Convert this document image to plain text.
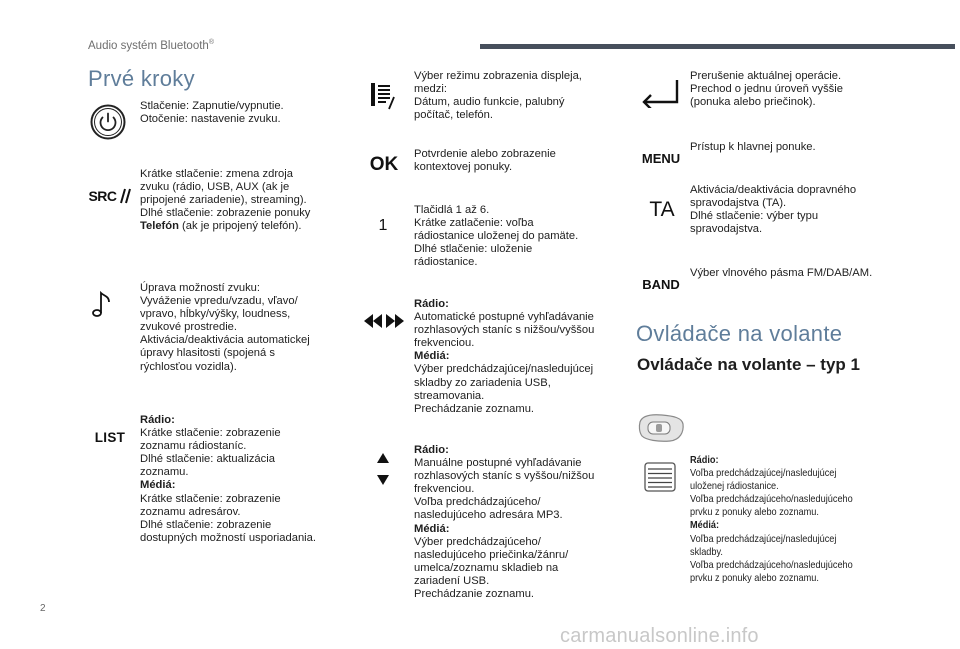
Audio systém Bluetooth®
Prvé kroky
Stlačenie: Zapnutie/vypnutie.
Otočenie: nastavenie zvuku.
SRC
Krátke stlačenie: zmena zdroja
zvuku (rádio, USB, AUX (ak je
pripojené zariadenie), streaming).
Dlhé stlačenie: zobrazenie ponuky
Telefón (ak je pripojený telefón).
Úprava možností zvuku:
Vyváženie vpredu/vzadu, vľavo/
vpravo, hĺbky/výšky, loudness,
zvukové prostredie.
Aktivácia/deaktivácia automatickej
úpravy hlasitosti (spojená s
rýchlosťou vozidla).
LIST
Rádio:
Krátke stlačenie: zobrazenie
zoznamu rádiostaníc.
Dlhé stlačenie: aktualizácia
zoznamu.
Médiá:
Krátke stlačenie: zobrazenie
zoznamu adresárov.
Dlhé stlačenie: zobrazenie
dostupných možností usporiadania.
Výber režimu zobrazenia displeja,
medzi:
Dátum, audio funkcie, palubný
počítač, telefón.
OK Potvrdenie alebo zobrazenie
kontextovej ponuky.
1
Tlačidlá 1 až 6.
Krátke zatlačenie: voľba
rádiostanice uloženej do pamäte.
Dlhé stlačenie: uloženie
rádiostanice.
Rádio:
Automatické postupné vyhľadávanie
rozhlasových staníc s nižšou/vyššou
frekvenciou.
Médiá:
Výber predchádzajúcej/nasledujúcej
skladby zo zariadenia USB,
streamovania.
Prechádzanie zoznamu.
Rádio:
Manuálne postupné vyhľadávanie
rozhlasových staníc s vyššou/nižšou
frekvenciou.
Voľba predchádzajúceho/
nasledujúceho adresára MP3.
Médiá:
Výber predchádzajúceho/
nasledujúceho priečinka/žánru/
umelca/zoznamu skladieb na
zariadení USB.
Prechádzanie zoznamu.
Prerušenie aktuálnej operácie.
Prechod o jednu úroveň vyššie
(ponuka alebo priečinok).
MENU
Prístup k hlavnej ponuke.
TA
Aktivácia/deaktivácia dopravného
spravodajstva (TA).
Dlhé stlačenie: výber typu
spravodajstva.
BAND
Výber vlnového pásma FM/DAB/AM.
Ovládače na volante
Ovládače na volante – typ 1
Rádio:
Voľba predchádzajúcej/nasledujúcej
uloženej rádiostanice.
Voľba predchádzajúceho/nasledujúceho
prvku z ponuky alebo zoznamu.
Médiá:
Voľba predchádzajúcej/nasledujúcej
skladby.
Voľba predchádzajúceho/nasledujúceho
prvku z ponuky alebo zoznamu.
2
carmanualsonline.info
